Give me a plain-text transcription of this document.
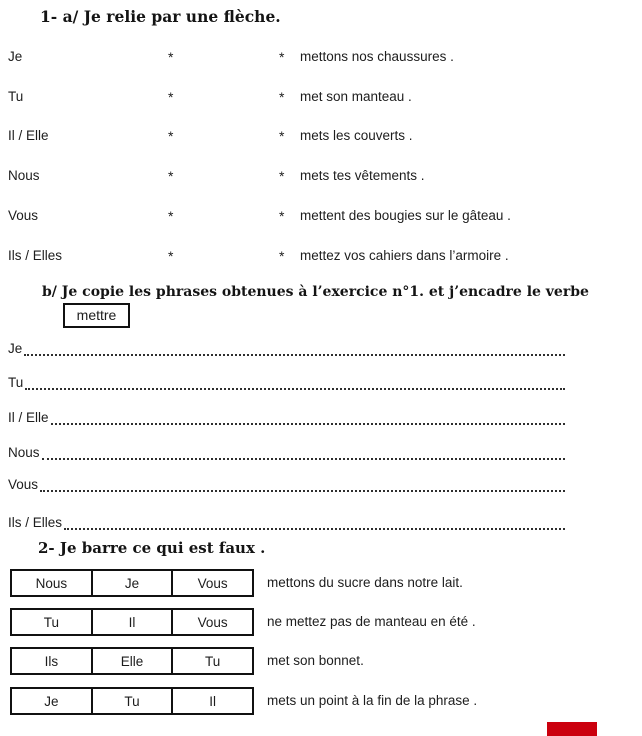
1- a/ Je relie par une flèche.
Je	*	* mettons nos chaussures .
Tu	*	* met son manteau .
Il / Elle	*	* mets les couverts .
Nous	*	* mets tes vêtements .
Vous	*	* mettent des bougies sur le gâteau .
Ils / Elles	*	* mettez vos cahiers dans l’armoire .
b/ Je copie les phrases obtenues à l’exercice n°1. et j’encadre le verbe
mettre
Je
Tu
Il / Elle
Nous
Vous
Ils / Elles
2- Je barre ce qui est faux .
Nous	Je	Vous	mettons du sucre dans notre lait.
Tu	Il	Vous	ne mettez pas de manteau en été .
Ils	Elle	Tu	met son bonnet.
Je	Tu	Il	mets un point à la fin de la phrase .
